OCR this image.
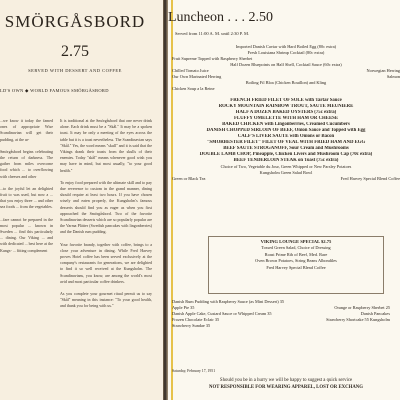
SMÖRGÅSBORD
2.75
SERVED WITH DESSERT AND COFFEE
LD'S OWN ◆ WORLD FAMOUS SMÖRGÅSBORD

...we know it today the famed ones of appropriate Wise Scandinavian will get their pudding, at the ar-

Smörgåsbord begins celebrating the return of darkness. The gather from miles overcome food which ... to overflowing with cheeses and other

...to the joyful let an delighted fruit to was used, but now a ... that you enjoy three ... and other sea foods ... from the vegetables.

...fare cannot be prepared in the most popular ... known in Sweden ... find this particularly ... dining. Our Viking ... and with dedicated ... best here at the Kungs- ... fitting complement

It is traditional at the Smörgåsbord that one never drink alone. Each drink must be a "Skål." It may be a spoken toast. It may be only a meeting of the eyes across the table but it is a toast nevertheless. The Scandinavian says "Skål." Yes, the word means "skull" and it is said that the Vikings drank their toasts from the skulls of their enemies. Today "skål" means whenever good wish you may have in mind, but most usually, "to your good health."

To enjoy food prepared with the ultimate skill and to pay due reverence to custom in the grand manner, dining should require at least two hours. If you have chosen wisely and eaten properly, the Kungsholm's famous desserts should find you as eager as when you first approached the Smörgåsbord. Two of the favorite Scandinavian desserts which are so popularly popular are the Varma Plätter (Swedish pancakes with lingonberries) and the Danish rum pudding.

Your favorite brandy, together with coffee, brings to a close your adventure in dining. While Fred Harvey proves Hotel coffee has been served exclusively at the company's restaurants for generations, we are delighted to find it so well received at the Kungsholm. The Scandinavians, you know, are among the world's most avid and most particular coffee drinkers.

As you complete your gourmet ritual permit us to say "Skål" meaning in this instance: "To your good health, and thank you for being with us."

Luncheon . . . 2.50
Served from 11:00 A. M. until 2:30 P. M.
Imported Danish Caviar with Hard Boiled Egg (80c extra)
Fresh Louisiana Shrimp Cocktail (80c extra)
Fruit Supreme Topped with Raspberry Sherbet
Half Dozen Bluepoints on Half Shell, Cocktail Sauce (60c extra)
Chilled Tomato Juice	Norwegian Herring
Our Own Marinated Herring	Salmon
Boiling Fil Bloa (Chicken Bouillon) and Kling
Chicken Soup a la Reine
FRENCH FRIED FILET OF SOLE with Tartar Sauce
ROCKY MOUNTAIN RAINBOW TROUT, SAUTE MEUNIERE
HALF A DOZEN BAKED OYSTERS (75c extra)
FLUFFY OMELETTE WITH HAM OR CHEESE
BAKED CHICKEN with Lingonberries, Creamed Cucumbers
DANISH CHOPPED SIRLOIN OF BEEF, Onion Sauce and Topped with Egg
CALF'S LIVER SAUTE with Onions or Bacon
"SMORBESTER FILET" FILET OF VEAL WITH FRIED HAM AND EGG
BEEF SAUTE STROGANOFF, Sour Cream and Mushrooms
DOUBLE LAMB CHOP, Pineapple, Chicken Livers and Mushroom Cap (70c extra)
BEEF TENDERLOIN STEAK on Toast (75c extra)
Choice of Two, Vegetable du Jour, Green Whipped or New Parsley Potatoes
Kungsholm Green Salad Bowl
Green or Black Tea	Fred Harvey Special Blend Coffee
VIKING LOUNGE SPECIAL $2.75
Tossed Green Salad, Choice of Dressing
Roast Prime Rib of Beef, Med. Rare
Oven Brown Potatoes, String Beans Albondiles
Fred Harvey Special Blend Coffee
Danish Rum Pudding with Raspberry Sauce (as Mini Dessert) 35
Apple Pie 35	Orange or Raspberry Sherbet 25
Danish Apple Cake, Custard Sauce or Whipped Cream 35	Danish Pancakes
Frozen Chocolate Eclair 35	Strawberry Shortcake 55 Kungsholm
Strawberry Sundae 35
Saturday, February 17, 1951
Should you be in a hurry we will be happy to suggest a quick service
NOT RESPONSIBLE FOR WEARING APPAREL, LOST OR EXCHANG
